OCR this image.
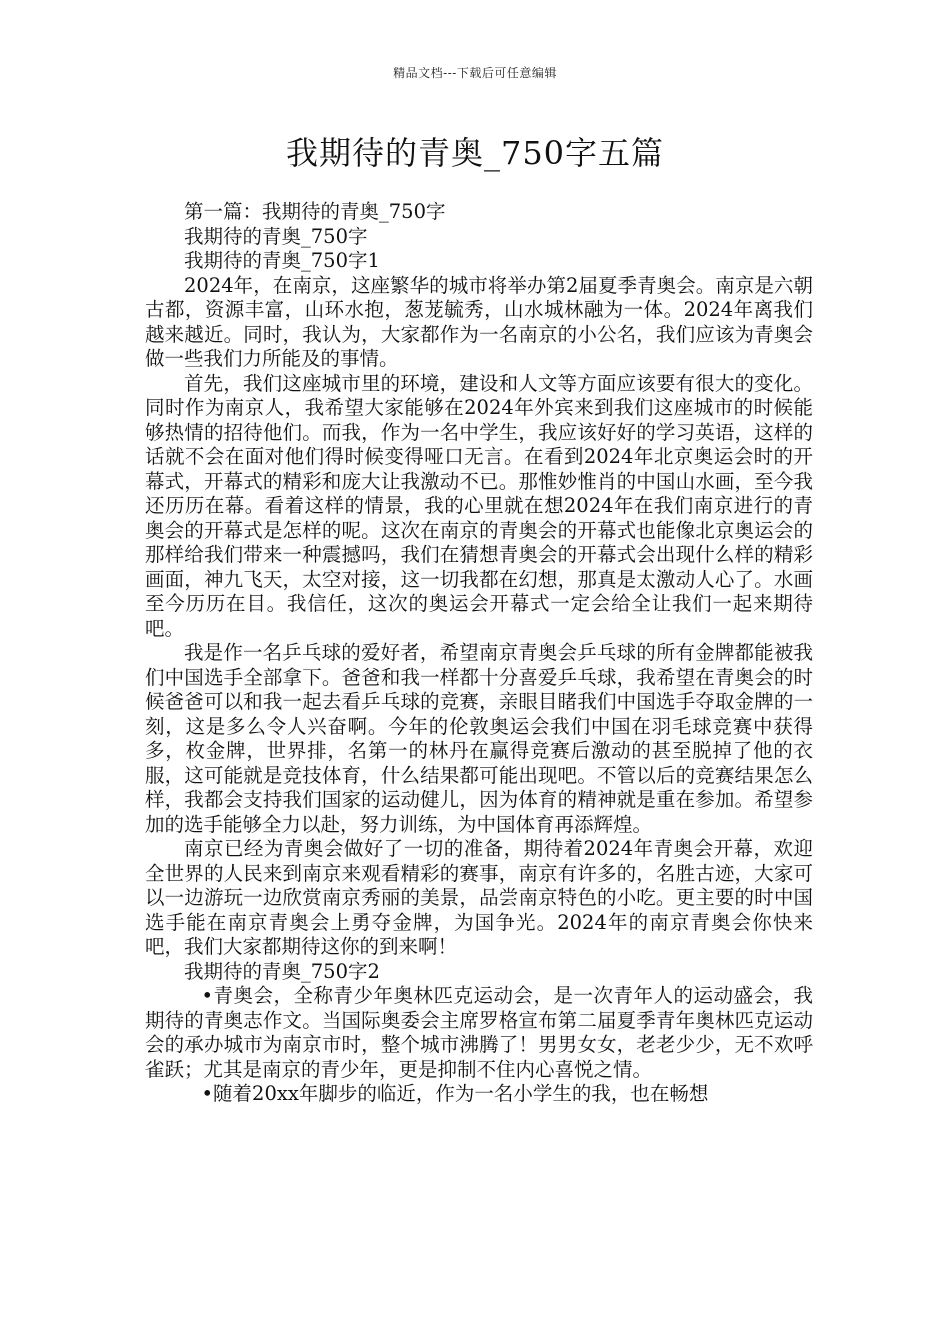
精品文档---下载后可任意编辑
我期待的青奥_750字五篇

第一篇：我期待的青奥_750字

我期待的青奥_750字

我期待的青奥_750字1

2024年，在南京，这座繁华的城市将举办第2届夏季青奥会。南京是六朝古都，资源丰富，山环水抱，葱茏毓秀，山水城林融为一体。2024年离我们越来越近。同时，我认为，大家都作为一名南京的小公名，我们应该为青奥会做一些我们力所能及的事情。

首先，我们这座城市里的环境，建设和人文等方面应该要有很大的变化。同时作为南京人，我希望大家能够在2024年外宾来到我们这座城市的时候能够热情的招待他们。而我，作为一名中学生，我应该好好的学习英语，这样的话就不会在面对他们得时候变得哑口无言。在看到2024年北京奥运会时的开幕式，开幕式的精彩和庞大让我激动不已。那惟妙惟肖的中国山水画，至今我还历历在幕。看着这样的情景，我的心里就在想2024年在我们南京进行的青奥会的开幕式是怎样的呢。这次在南京的青奥会的开幕式也能像北京奥运会的那样给我们带来一种震撼吗，我们在猜想青奥会的开幕式会出现什么样的精彩画面，神九飞天，太空对接，这一切我都在幻想，那真是太激动人心了。水画至今历历在目。我信任，这次的奥运会开幕式一定会给全让我们一起来期待吧。

我是作一名乒乓球的爱好者，希望南京青奥会乒乓球的所有金牌都能被我们中国选手全部拿下。爸爸和我一样都十分喜爱乒乓球，我希望在青奥会的时候爸爸可以和我一起去看乒乓球的竞赛，亲眼目睹我们中国选手夺取金牌的一刻，这是多么令人兴奋啊。今年的伦敦奥运会我们中国在羽毛球竞赛中获得多，枚金牌，世界排，名第一的林丹在赢得竞赛后激动的甚至脱掉了他的衣服，这可能就是竞技体育，什么结果都可能出现吧。不管以后的竞赛结果怎么样，我都会支持我们国家的运动健儿，因为体育的精神就是重在参加。希望参加的选手能够全力以赴，努力训练，为中国体育再添辉煌。

南京已经为青奥会做好了一切的准备，期待着2024年青奥会开幕，欢迎全世界的人民来到南京来观看精彩的赛事，南京有许多的，名胜古迹，大家可以一边游玩一边欣赏南京秀丽的美景，品尝南京特色的小吃。更主要的时中国选手能在南京青奥会上勇夺金牌，为国争光。2024年的南京青奥会你快来吧，我们大家都期待这你的到来啊！

我期待的青奥_750字2

•青奥会，全称青少年奥林匹克运动会，是一次青年人的运动盛会，我期待的青奥志作文。当国际奥委会主席罗格宣布第二届夏季青年奥林匹克运动会的承办城市为南京市时，整个城市沸腾了！男男女女，老老少少，无不欢呼雀跃；尤其是南京的青少年，更是抑制不住内心喜悦之情。

•随着20xx年脚步的临近，作为一名小学生的我，也在畅想
